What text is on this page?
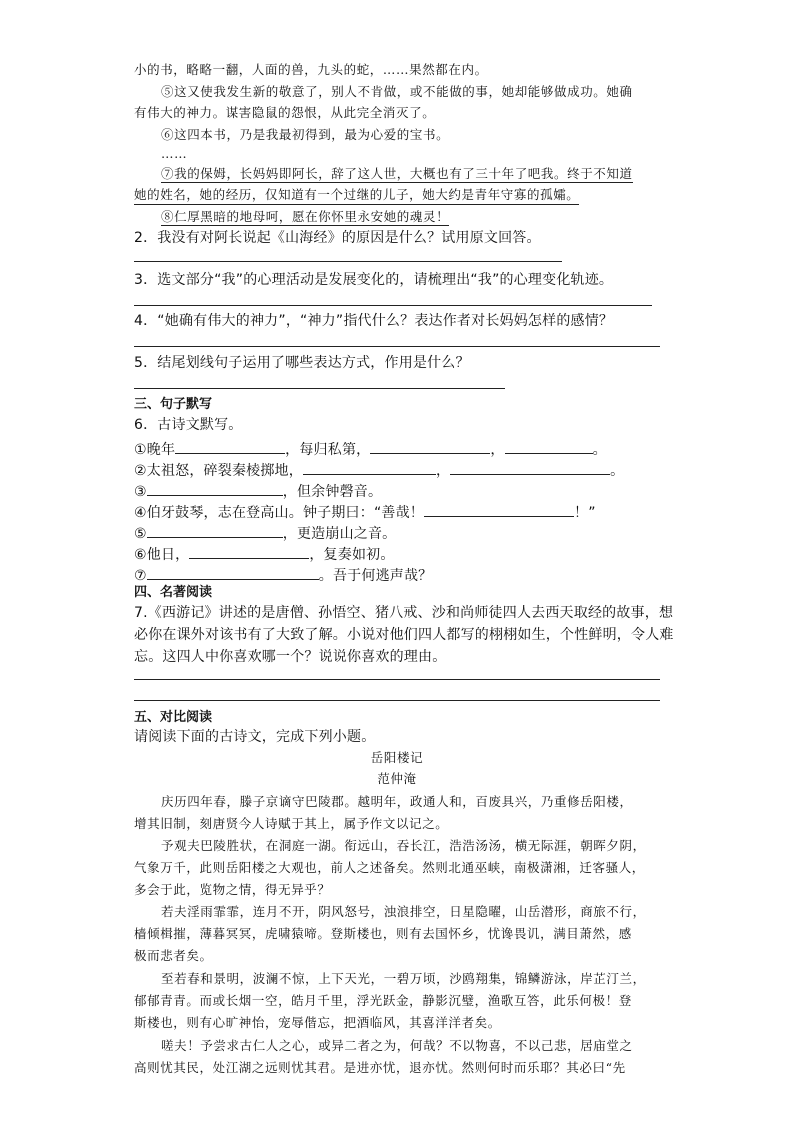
小的书，略略一翻，人面的兽，九头的蛇，……果然都在内。
⑤这又使我发生新的敬意了，别人不肯做，或不能做的事，她却能够做成功。她确
有伟大的神力。谋害隐鼠的怨恨，从此完全消灭了。
⑥这四本书，乃是我最初得到，最为心爱的宝书。
……
⑦我的保姆，长妈妈即阿长，辞了这人世，大概也有了三十年了吧我。终于不知道
她的姓名，她的经历，仅知道有一个过继的儿子，她大约是青年守寡的孤孀。
⑧仁厚黑暗的地母呵，愿在你怀里永安她的魂灵！
2．我没有对阿长说起《山海经》的原因是什么？试用原文回答。
3．选文部分“我”的心理活动是发展变化的，请梳理出“我”的心理变化轨迹。
4．“她确有伟大的神力”，“神力”指代什么？表达作者对长妈妈怎样的感情？
5．结尾划线句子运用了哪些表达方式，作用是什么？
三、句子默写
6．古诗文默写。
①晚年	，每归私第，	，	。
②太祖怒，碎裂秦棱掷地，	，	。
③	，但余钟磬音。
④伯牙鼓琴，志在登高山。钟子期曰：“善哉！	！”
⑤	，更造崩山之音。
⑥他日，	，复奏如初。
⑦	。吾于何逃声哉？
四、名著阅读
7.《西游记》讲述的是唐僧、孙悟空、猪八戒、沙和尚师徒四人去西天取经的故事，想
必你在课外对该书有了大致了解。小说对他们四人都写的栩栩如生，个性鲜明，令人难
忘。这四人中你喜欢哪一个？说说你喜欢的理由。
五、对比阅读
请阅读下面的古诗文，完成下列小题。
岳阳楼记
范仲淹
庆历四年春，滕子京谪守巴陵郡。越明年，政通人和，百废具兴，乃重修岳阳楼，
增其旧制，刻唐贤今人诗赋于其上，属予作文以记之。
予观夫巴陵胜状，在洞庭一湖。衔远山，吞长江，浩浩汤汤，横无际涯，朝晖夕阴，
气象万千，此则岳阳楼之大观也，前人之述备矣。然则北通巫峡，南极潇湘，迁客骚人，
多会于此，览物之情，得无异乎？
若夫淫雨霏霏，连月不开，阴风怒号，浊浪排空，日星隐曜，山岳潜形，商旅不行，
樯倾楫摧，薄暮冥冥，虎啸猿啼。登斯楼也，则有去国怀乡，忧谗畏讥，满目萧然，感
极而悲者矣。
至若春和景明，波澜不惊，上下天光，一碧万顷，沙鸥翔集，锦鳞游泳，岸芷汀兰，
郁郁青青。而或长烟一空，皓月千里，浮光跃金，静影沉璧，渔歌互答，此乐何极！登
斯楼也，则有心旷神怡，宠辱偕忘，把酒临风，其喜洋洋者矣。
嗟夫！予尝求古仁人之心，或异二者之为，何哉？不以物喜，不以己悲，居庙堂之
高则忧其民，处江湖之远则忧其君。是进亦忧，退亦忧。然则何时而乐耶？其必曰“先
